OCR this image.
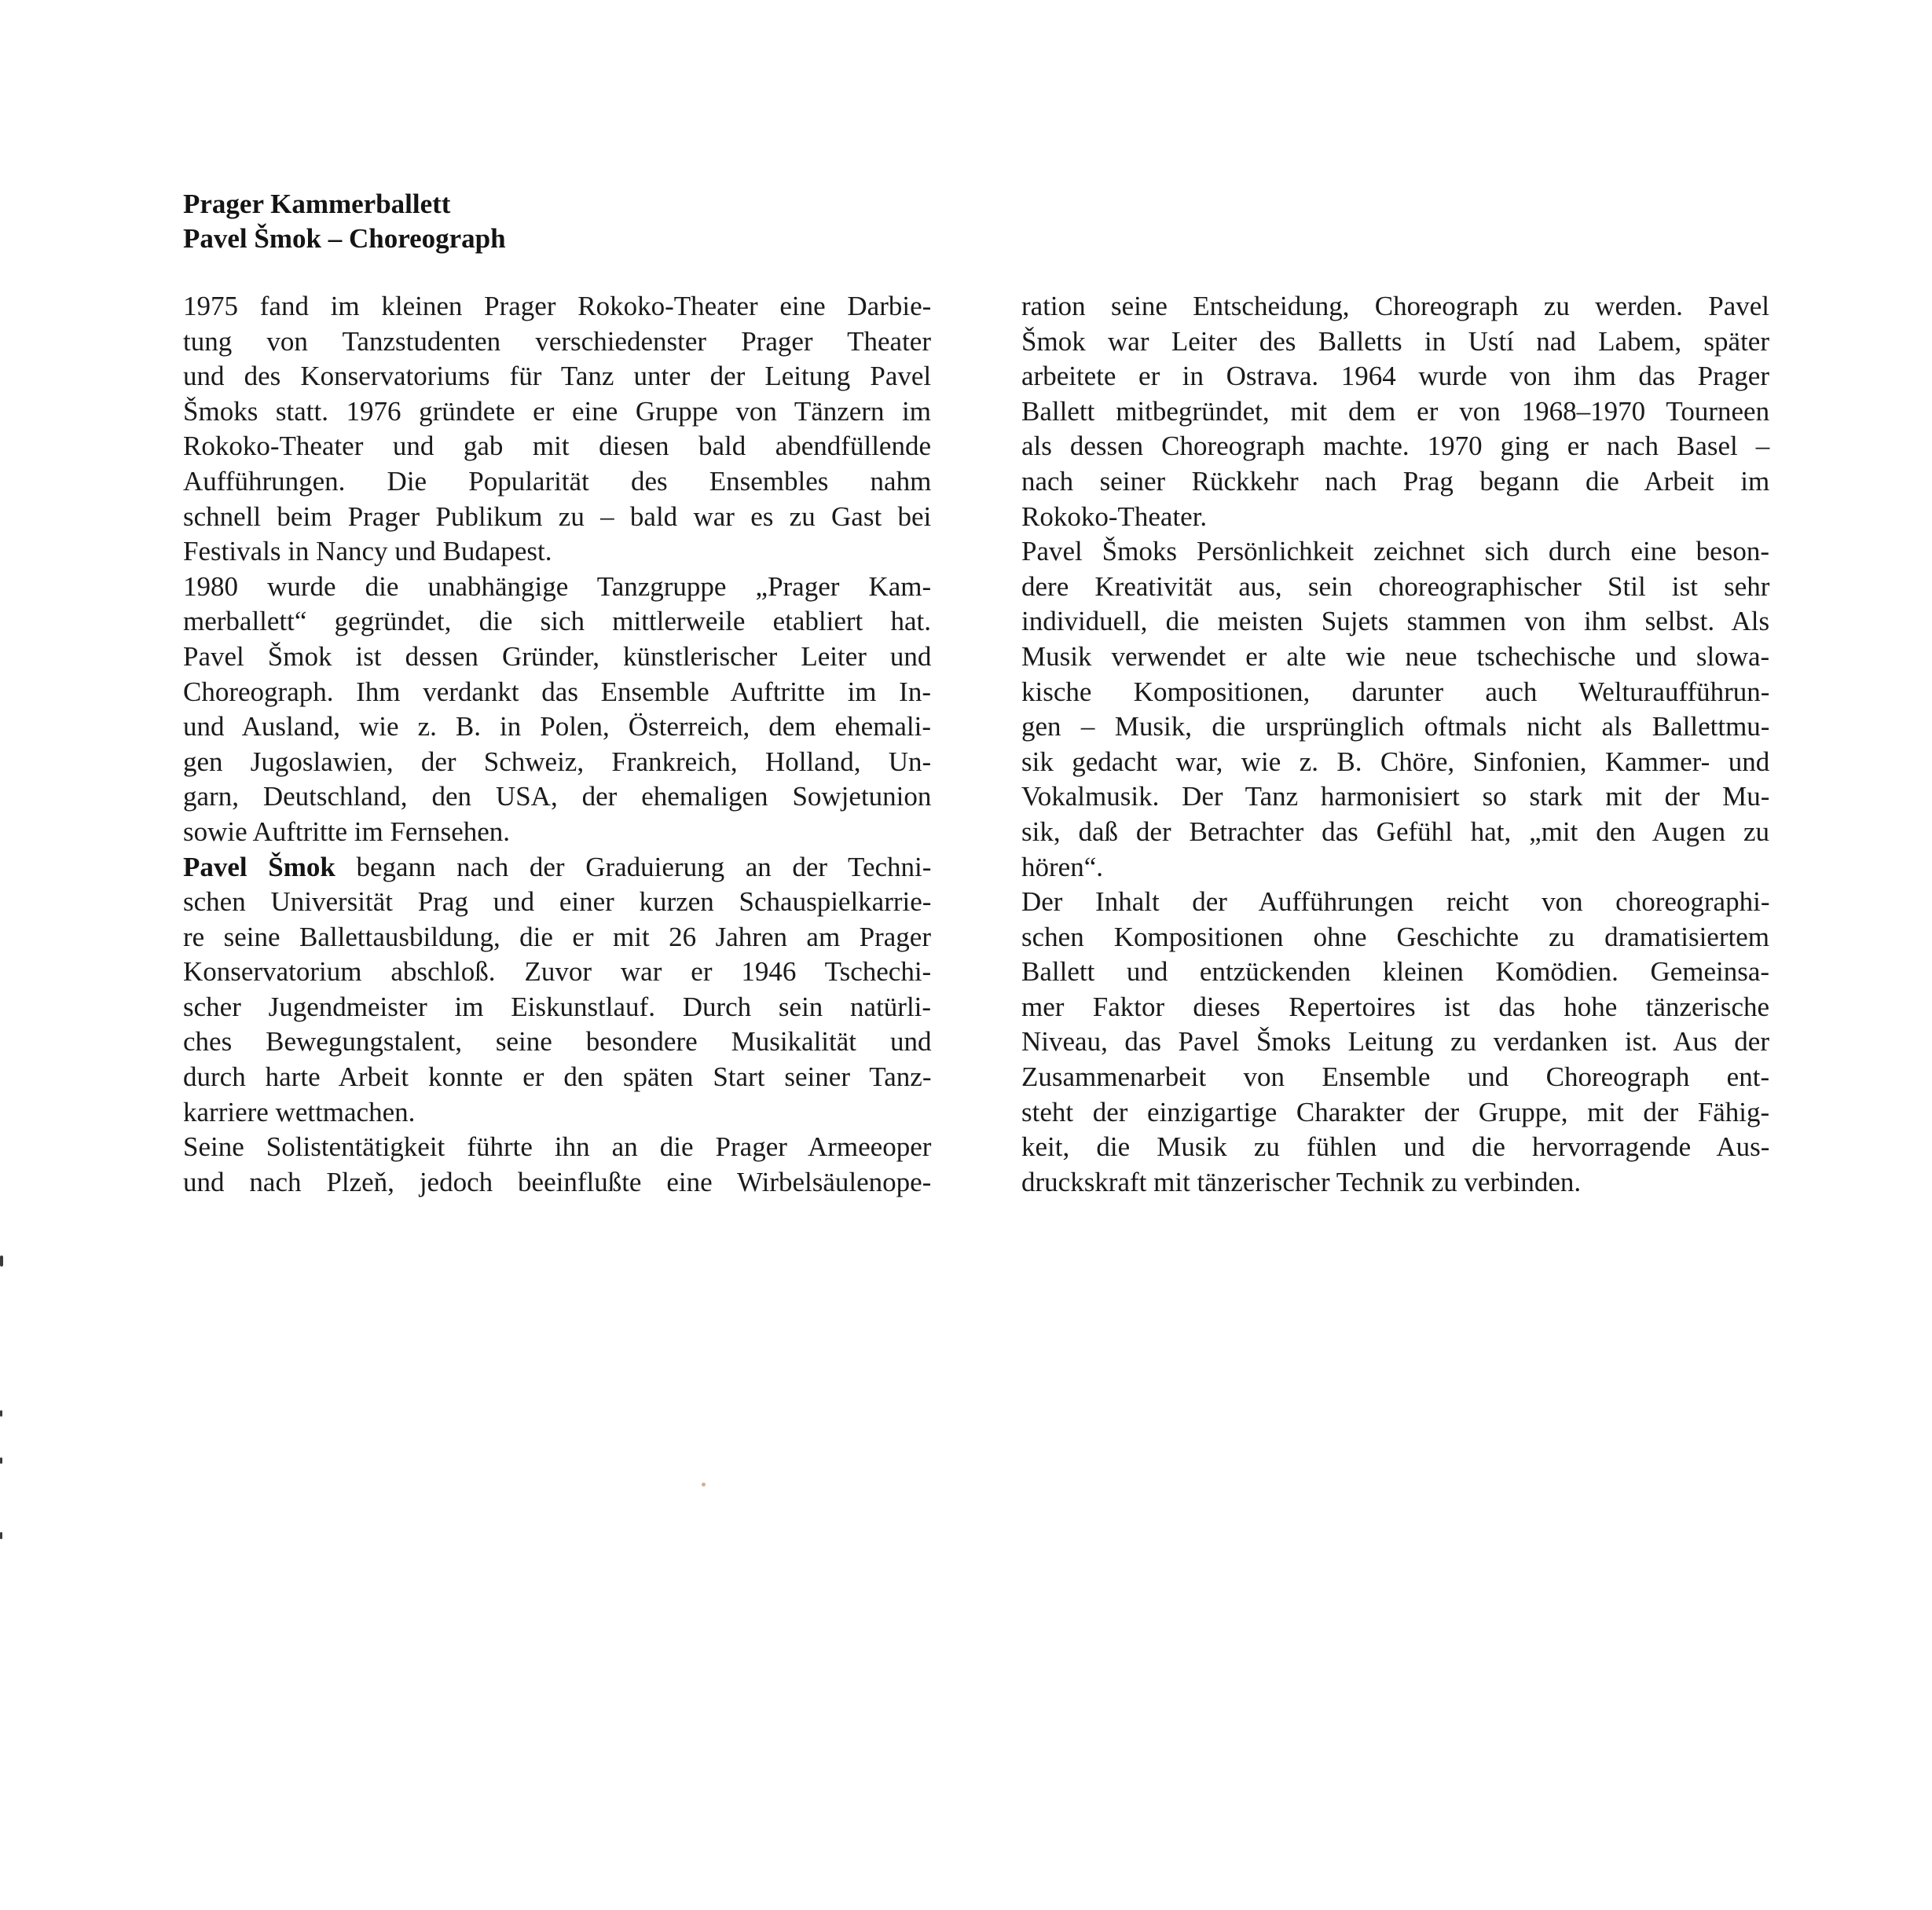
Prager Kammerballett
Pavel Šmok – Choreograph
1975 fand im kleinen Prager Rokoko-Theater eine Darbie-
tung von Tanzstudenten verschiedenster Prager Theater
und des Konservatoriums für Tanz unter der Leitung Pavel
Šmoks statt. 1976 gründete er eine Gruppe von Tänzern im
Rokoko-Theater und gab mit diesen bald abendfüllende
Aufführungen. Die Popularität des Ensembles nahm
schnell beim Prager Publikum zu – bald war es zu Gast bei
Festivals in Nancy und Budapest.
1980 wurde die unabhängige Tanzgruppe „Prager Kam-
merballett“ gegründet, die sich mittlerweile etabliert hat.
Pavel Šmok ist dessen Gründer, künstlerischer Leiter und
Choreograph. Ihm verdankt das Ensemble Auftritte im In-
und Ausland, wie z. B. in Polen, Österreich, dem ehemali-
gen Jugoslawien, der Schweiz, Frankreich, Holland, Un-
garn, Deutschland, den USA, der ehemaligen Sowjetunion
sowie Auftritte im Fernsehen.
Pavel Šmok begann nach der Graduierung an der Techni-
schen Universität Prag und einer kurzen Schauspielkarrie-
re seine Ballettausbildung, die er mit 26 Jahren am Prager
Konservatorium abschloß. Zuvor war er 1946 Tschechi-
scher Jugendmeister im Eiskunstlauf. Durch sein natürli-
ches Bewegungstalent, seine besondere Musikalität und
durch harte Arbeit konnte er den späten Start seiner Tanz-
karriere wettmachen.
Seine Solistentätigkeit führte ihn an die Prager Armeeoper
und nach Plzeň, jedoch beeinflußte eine Wirbelsäulenope-
ration seine Entscheidung, Choreograph zu werden. Pavel
Šmok war Leiter des Balletts in Ustí nad Labem, später
arbeitete er in Ostrava. 1964 wurde von ihm das Prager
Ballett mitbegründet, mit dem er von 1968–1970 Tourneen
als dessen Choreograph machte. 1970 ging er nach Basel –
nach seiner Rückkehr nach Prag begann die Arbeit im
Rokoko-Theater.
Pavel Šmoks Persönlichkeit zeichnet sich durch eine beson-
dere Kreativität aus, sein choreographischer Stil ist sehr
individuell, die meisten Sujets stammen von ihm selbst. Als
Musik verwendet er alte wie neue tschechische und slowa-
kische Kompositionen, darunter auch Welturaufführun-
gen – Musik, die ursprünglich oftmals nicht als Ballettmu-
sik gedacht war, wie z. B. Chöre, Sinfonien, Kammer- und
Vokalmusik. Der Tanz harmonisiert so stark mit der Mu-
sik, daß der Betrachter das Gefühl hat, „mit den Augen zu
hören“.
Der Inhalt der Aufführungen reicht von choreographi-
schen Kompositionen ohne Geschichte zu dramatisiertem
Ballett und entzückenden kleinen Komödien. Gemeinsa-
mer Faktor dieses Repertoires ist das hohe tänzerische
Niveau, das Pavel Šmoks Leitung zu verdanken ist. Aus der
Zusammenarbeit von Ensemble und Choreograph ent-
steht der einzigartige Charakter der Gruppe, mit der Fähig-
keit, die Musik zu fühlen und die hervorragende Aus-
druckskraft mit tänzerischer Technik zu verbinden.
